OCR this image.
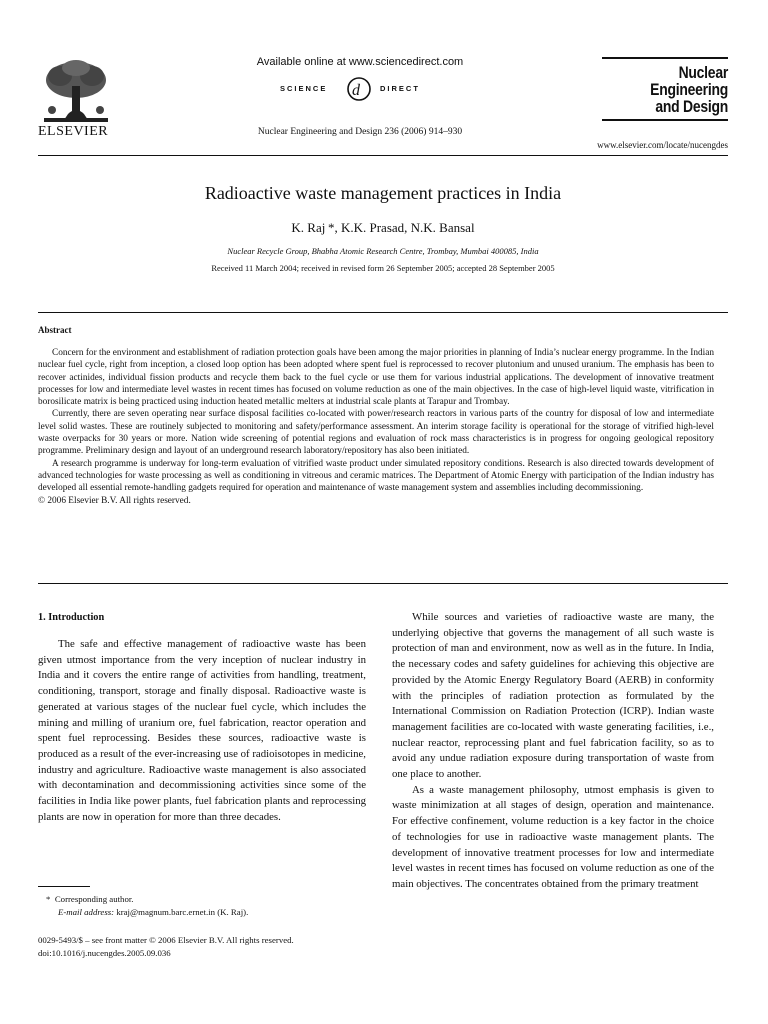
ELSEVIER
Available online at www.sciencedirect.com
SCIENCE d	DIRECT
Nuclear Engineering and Design 236 (2006) 914–930
Nuclear
Engineering
and Design
www.elsevier.com/locate/nucengdes
Radioactive waste management practices in India
K. Raj *, K.K. Prasad, N.K. Bansal
Nuclear Recycle Group, Bhabha Atomic Research Centre, Trombay, Mumbai 400085, India
Received 11 March 2004; received in revised form 26 September 2005; accepted 28 September 2005
Abstract

Concern for the environment and establishment of radiation protection goals have been among the major priorities in planning of India’s nuclear energy programme. In the Indian nuclear fuel cycle, right from inception, a closed loop option has been adopted where spent fuel is reprocessed to recover plutonium and unused uranium. The emphasis has been to recover actinides, individual fission products and recycle them back to the fuel cycle or use them for various industrial applications. The development of innovative treatment processes for low and intermediate level wastes in recent times has focused on volume reduction as one of the main objectives. In the case of high-level liquid waste, vitrification in borosilicate matrix is being practiced using induction heated metallic melters at industrial scale plants at Tarapur and Trombay.

Currently, there are seven operating near surface disposal facilities co-located with power/research reactors in various parts of the country for disposal of low and intermediate level solid wastes. These are routinely subjected to monitoring and safety/performance assessment. An interim storage facility is operational for the storage of vitrified high-level waste overpacks for 30 years or more. Nation wide screening of potential regions and evaluation of rock mass characteristics is in progress for ongoing geological repository programme. Preliminary design and layout of an underground research laboratory/repository has also been initiated.

A research programme is underway for long-term evaluation of vitrified waste product under simulated repository conditions. Research is also directed towards development of advanced technologies for waste processing as well as conditioning in vitreous and ceramic matrices. The Department of Atomic Energy with participation of the Indian industry has developed all essential remote-handling gadgets required for operation and maintenance of waste management system and assemblies including decommissioning.

© 2006 Elsevier B.V. All rights reserved.

1. Introduction

The safe and effective management of radioactive waste has been given utmost importance from the very inception of nuclear industry in India and it covers the entire range of activities from handling, treatment, conditioning, transport, storage and finally disposal. Radioactive waste is generated at various stages of the nuclear fuel cycle, which includes the mining and milling of uranium ore, fuel fabrication, reactor operation and spent fuel reprocessing. Besides these sources, radioactive waste is produced as a result of the ever-increasing use of radioisotopes in medicine, industry and agriculture. Radioactive waste management is also associated with decontamination and decommissioning activities since some of the facilities in India like power plants, fuel fabrication plants and reprocessing plants are now in operation for more than three decades.

While sources and varieties of radioactive waste are many, the underlying objective that governs the management of all such waste is protection of man and environment, now as well as in the future. In India, the necessary codes and safety guidelines for achieving this objective are provided by the Atomic Energy Regulatory Board (AERB) in conformity with the principles of radiation protection as formulated by the International Commission on Radiation Protection (ICRP). Indian waste management facilities are co-located with waste generating facilities, i.e., nuclear reactor, reprocessing plant and fuel fabrication facility, so as to avoid any undue radiation exposure during transportation of waste from one place to another.

As a waste management philosophy, utmost emphasis is given to waste minimization at all stages of design, operation and maintenance. For effective confinement, volume reduction is a key factor in the choice of technologies for use in radioactive waste management plants. The development of innovative treatment processes for low and intermediate level wastes in recent times has focused on volume reduction as one of the main objectives. The concentrates obtained from the primary treatment

* Corresponding author.
E-mail address: kraj@magnum.barc.ernet.in (K. Raj).
0029-5493/$ – see front matter © 2006 Elsevier B.V. All rights reserved.
doi:10.1016/j.nucengdes.2005.09.036
